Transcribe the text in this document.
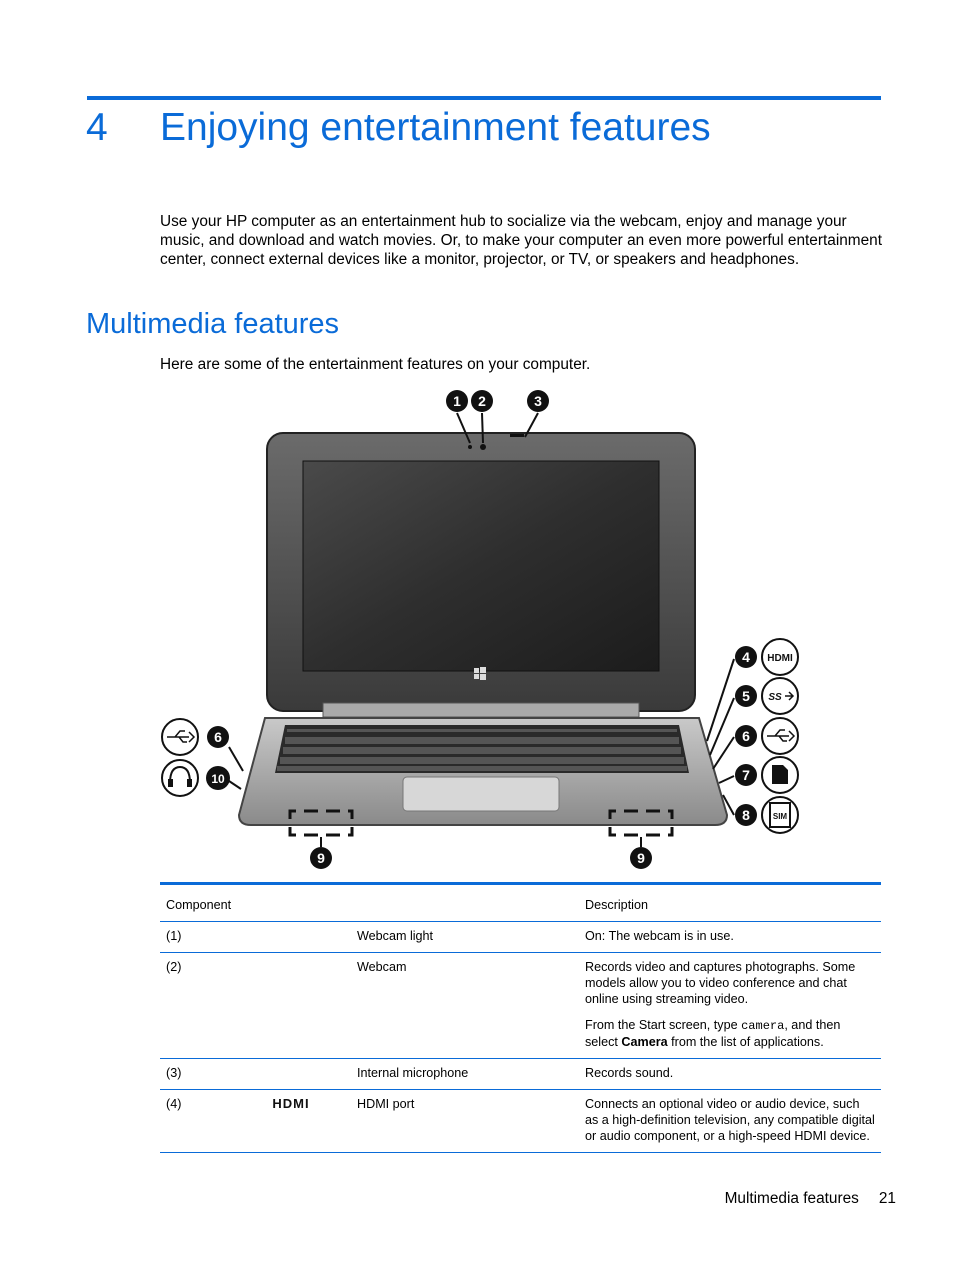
4 Enjoying entertainment features
Use your HP computer as an entertainment hub to socialize via the webcam, enjoy and manage your music, and download and watch movies. Or, to make your computer an even more powerful entertainment center, connect external devices like a monitor, projector, or TV, or speakers and headphones.
Multimedia features
Here are some of the entertainment features on your computer.
1 2	3
4
5
6
6
7
8
9	9
10
HDMI
SS
SIM
Component			Description
(1)		Webcam light	On: The webcam is in use.

(2)		Webcam	Records video and captures photographs. Some models allow you to video conference and chat online using streaming video.

From the Start screen, type camera, and then select Camera from the list of applications.

(3)		Internal microphone	Records sound.

(4)	HDMI	HDMI port	Connects an optional video or audio device, such as a high-definition television, any compatible digital or audio component, or a high-speed HDMI device.

Multimedia features 21
